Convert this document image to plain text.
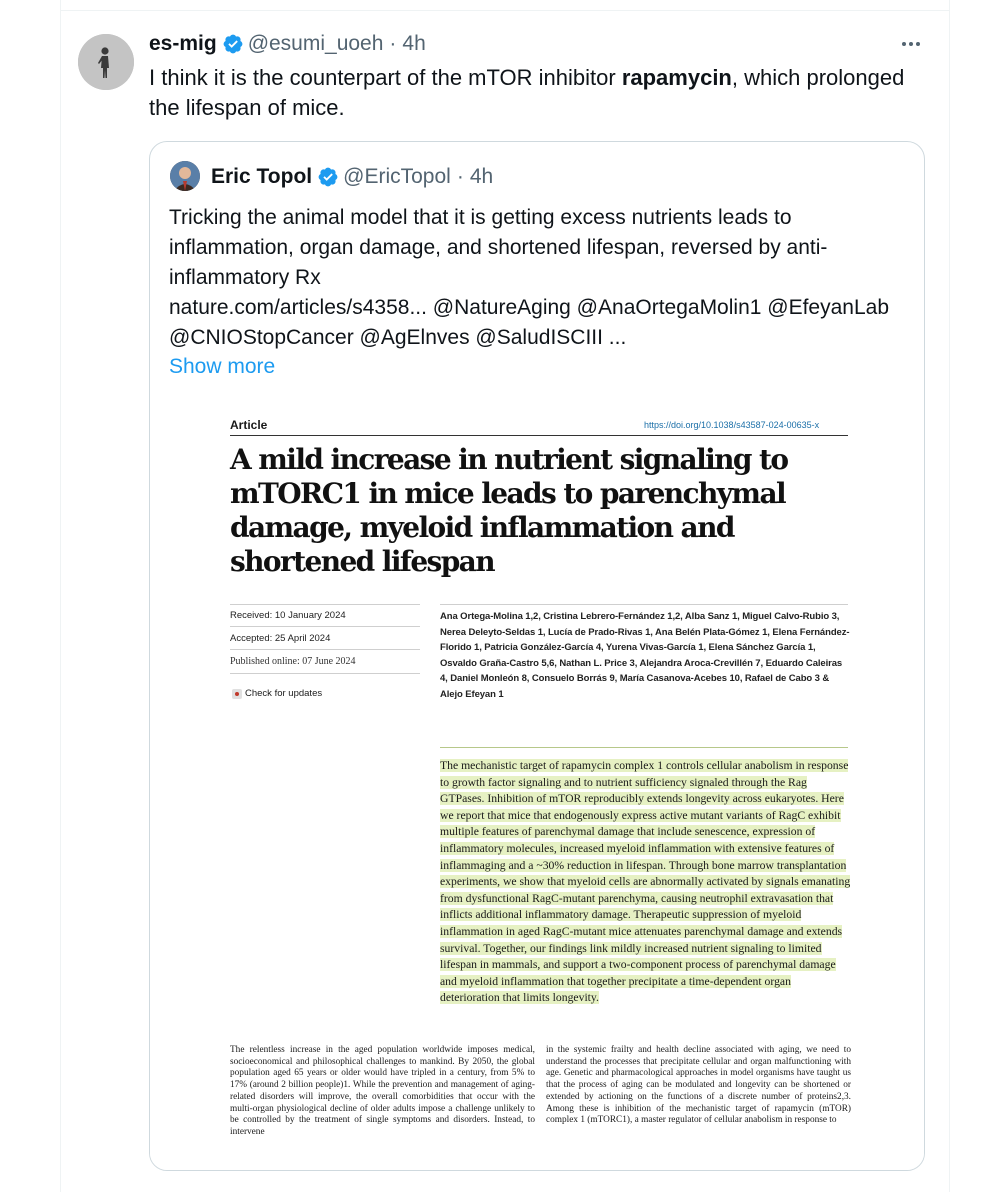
es-mig @esumi_uoeh · 4h
I think it is the counterpart of the mTOR inhibitor rapamycin, which prolonged the lifespan of mice.
Eric Topol @EricTopol · 4h
Tricking the animal model that it is getting excess nutrients leads to inflammation, organ damage, and shortened lifespan, reversed by anti-inflammatory Rx
nature.com/articles/s4358... @NatureAging @AnaOrtegaMolin1 @EfeyanLab @CNIOStopCancer @AgElnves @SaludISCIII ...
Show more
Article	https://doi.org/10.1038/s43587-024-00635-x
A mild increase in nutrient signaling to mTORC1 in mice leads to parenchymal damage, myeloid inflammation and shortened lifespan
Received: 10 January 2024
Accepted: 25 April 2024
Published online: 07 June 2024
Check for updates
Ana Ortega-Molina 1,2, Cristina Lebrero-Fernández 1,2, Alba Sanz 1, Miguel Calvo-Rubio 3, Nerea Deleyto-Seldas 1, Lucía de Prado-Rivas 1, Ana Belén Plata-Gómez 1, Elena Fernández-Florido 1, Patricia González-García 4, Yurena Vivas-García 1, Elena Sánchez García 1, Osvaldo Graña-Castro 5,6, Nathan L. Price 3, Alejandra Aroca-Crevillén 7, Eduardo Caleiras 4, Daniel Monleón 8, Consuelo Borrás 9, María Casanova-Acebes 10, Rafael de Cabo 3 & Alejo Efeyan 1
The mechanistic target of rapamycin complex 1 controls cellular anabolism in response to growth factor signaling and to nutrient sufficiency signaled through the Rag GTPases. Inhibition of mTOR reproducibly extends longevity across eukaryotes. Here we report that mice that endogenously express active mutant variants of RagC exhibit multiple features of parenchymal damage that include senescence, expression of inflammatory molecules, increased myeloid inflammation with extensive features of inflammaging and a ~30% reduction in lifespan. Through bone marrow transplantation experiments, we show that myeloid cells are abnormally activated by signals emanating from dysfunctional RagC-mutant parenchyma, causing neutrophil extravasation that inflicts additional inflammatory damage. Therapeutic suppression of myeloid inflammation in aged RagC-mutant mice attenuates parenchymal damage and extends survival. Together, our findings link mildly increased nutrient signaling to limited lifespan in mammals, and support a two-component process of parenchymal damage and myeloid inflammation that together precipitate a time-dependent organ deterioration that limits longevity.
The relentless increase in the aged population worldwide imposes medical, socioeconomical and philosophical challenges to mankind. By 2050, the global population aged 65 years or older would have tripled in a century, from 5% to 17% (around 2 billion people)1. While the prevention and management of aging-related disorders will improve, the overall comorbidities that occur with the multi-organ physiological decline of older adults impose a challenge unlikely to be controlled by the treatment of single symptoms and disorders. Instead, to intervene
in the systemic frailty and health decline associated with aging, we need to understand the processes that precipitate cellular and organ malfunctioning with age. Genetic and pharmacological approaches in model organisms have taught us that the process of aging can be modulated and longevity can be shortened or extended by actioning on the functions of a discrete number of proteins2,3. Among these is inhibition of the mechanistic target of rapamycin (mTOR) complex 1 (mTORC1), a master regulator of cellular anabolism in response to
